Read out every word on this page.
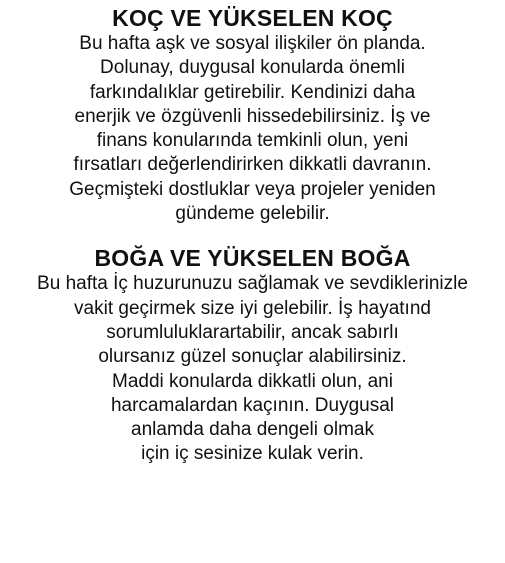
KOÇ VE YÜKSELEN KOÇ
Bu hafta aşk ve sosyal ilişkiler ön planda.
Dolunay, duygusal konularda önemli
farkındalıklar getirebilir. Kendinizi daha
enerjik ve özgüvenli hissedebilirsiniz. İş ve
finans konularında temkinli olun, yeni
fırsatları değerlendirirken dikkatli davranın.
Geçmişteki dostluklar veya projeler yeniden
gündeme gelebilir.
BOĞA VE YÜKSELEN BOĞA
Bu hafta İç huzurunuzu sağlamak ve sevdiklerinizle
vakit geçirmek size iyi gelebilir. İş hayatınd
sorumluluklarartabilir, ancak sabırlı
olursanız güzel sonuçlar alabilirsiniz.
Maddi konularda dikkatli olun, ani
harcamalardan kaçının. Duygusal
anlamda daha dengeli olmak
için iç sesinize kulak verin.
